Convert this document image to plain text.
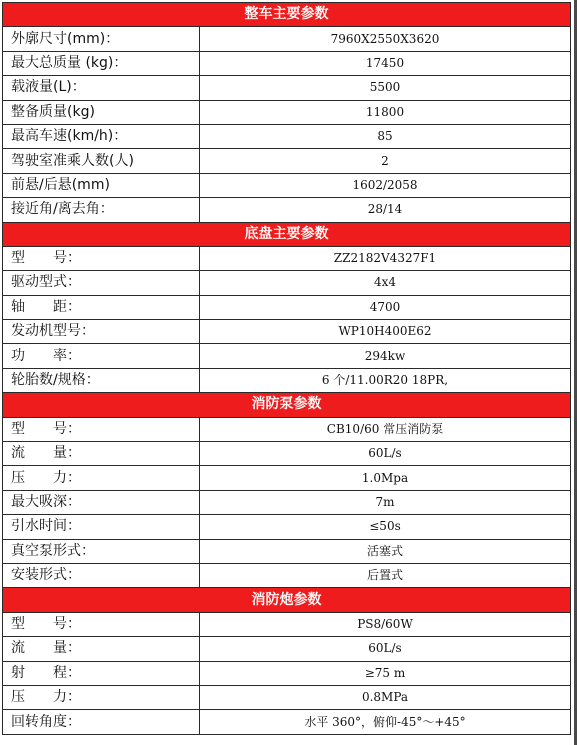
整车主要参数	
外廓尺寸(mm)：	7960X2550X3620
最大总质量 (kg)：	17450
载液量(L)：	5500
整备质量(kg)	11800
最高车速(km/h)：	85
驾驶室准乘人数(人)	2
前悬/后悬(mm)	1602/2058
接近角/离去角：	28/14
底盘主要参数	
型　　号：	ZZ2182V4327F1
驱动型式：	4x4
轴　　距：	4700
发动机型号：	WP10H400E62
功　　率：	294kw
轮胎数/规格：	6 个/11.00R20 18PR,
消防泵参数	
型　　号：	CB10/60 常压消防泵
流　　量：	60L/s
压　　力：	1.0Mpa
最大吸深：	7m
引水时间：	≤50s
真空泵形式：	活塞式
安装形式：	后置式
消防炮参数	
型　　号：	PS8/60W
流　　量：	60L/s
射　　程：	≥75 m
压　　力：	0.8MPa
回转角度：	水平 360°，俯仰-45°～+45°
